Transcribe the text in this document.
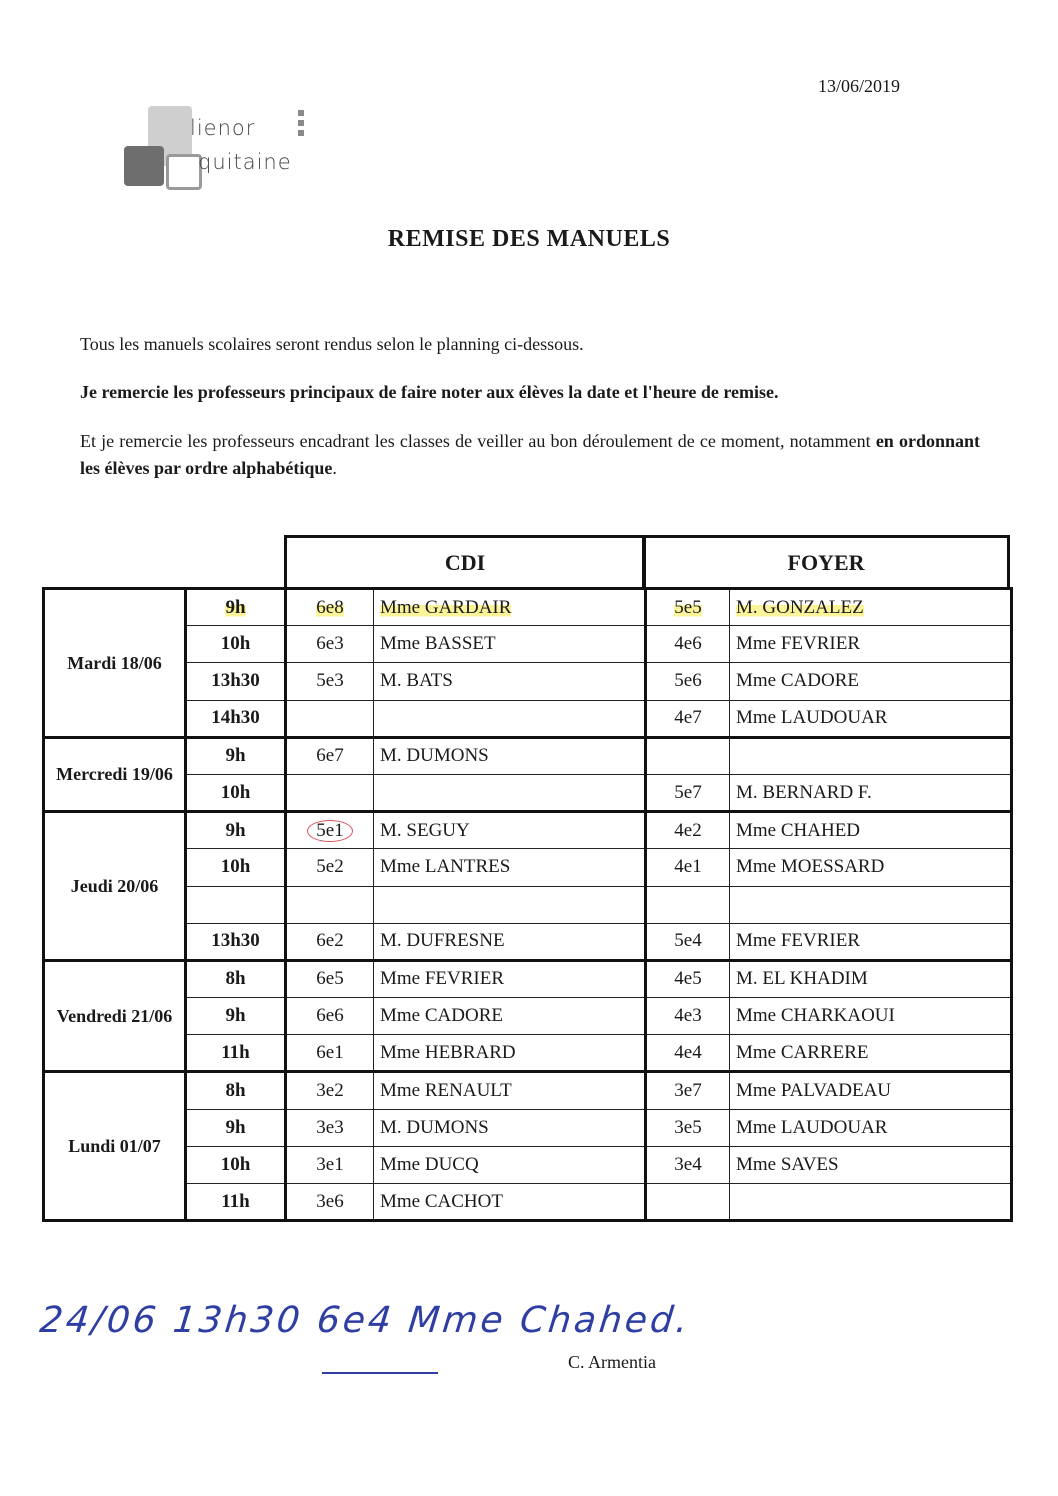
13/06/2019
lienor
quitaine
REMISE DES MANUELS
Tous les manuels scolaires seront rendus selon le planning ci-dessous.
Je remercie les professeurs principaux de faire noter aux élèves la date et l'heure de remise.
Et je remercie les professeurs encadrant les classes de veiller au bon déroulement de ce moment, notamment en ordonnant les élèves par ordre alphabétique.
CDI	FOYER
Mardi 18/06	9h	6e8	Mme GARDAIR	5e5	M. GONZALEZ
	10h	6e3	Mme BASSET	4e6	Mme FEVRIER
	13h30	5e3	M. BATS	5e6	Mme CADORE
	14h30			4e7	Mme LAUDOUAR
Mercredi 19/06	9h	6e7	M. DUMONS		
	10h			5e7	M. BERNARD F.
Jeudi 20/06	9h	5e1	M. SEGUY	4e2	Mme CHAHED
	10h	5e2	Mme LANTRES	4e1	Mme MOESSARD

	13h30	6e2	M. DUFRESNE	5e4	Mme FEVRIER
Vendredi 21/06	8h	6e5	Mme FEVRIER	4e5	M. EL KHADIM
	9h	6e6	Mme CADORE	4e3	Mme CHARKAOUI
	11h	6e1	Mme HEBRARD	4e4	Mme CARRERE
Lundi 01/07	8h	3e2	Mme RENAULT	3e7	Mme PALVADEAU
	9h	3e3	M. DUMONS	3e5	Mme LAUDOUAR
	10h	3e1	Mme DUCQ	3e4	Mme SAVES
	11h	3e6	Mme CACHOT		
24/06 13h30 6e4 Mme Chahed.
C. Armentia
